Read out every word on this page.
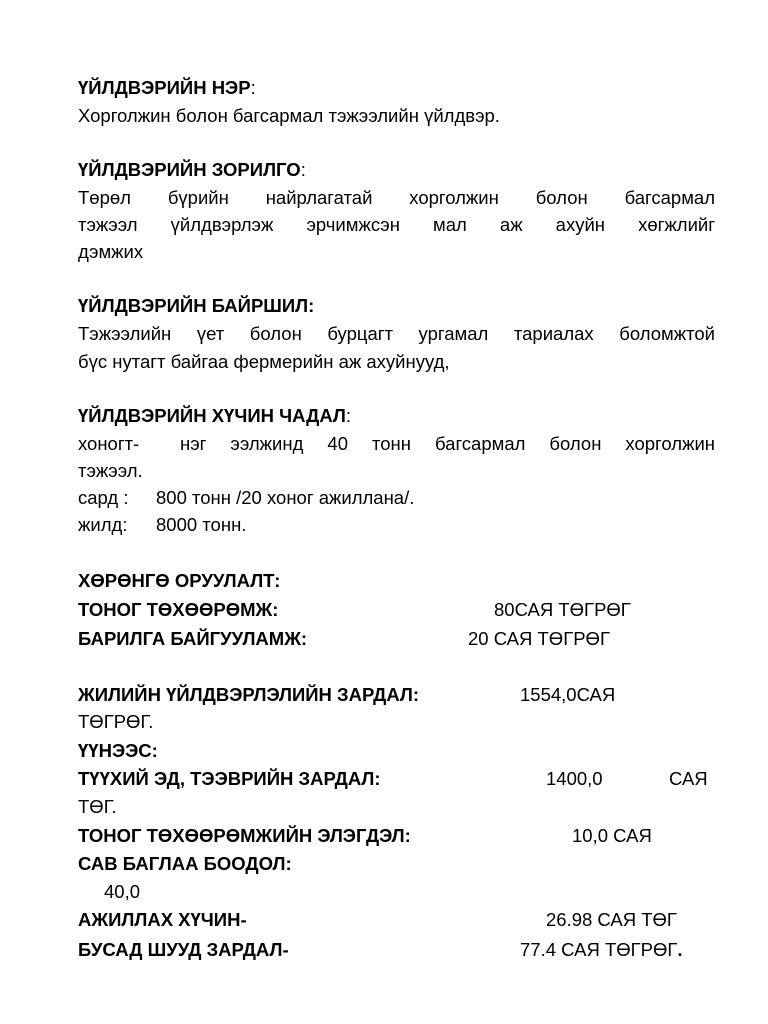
ҮЙЛДВЭРИЙН НЭР:
Хорголжин болон багсармал тэжээлийн үйлдвэр.
ҮЙЛДВЭРИЙН ЗОРИЛГО:
Төрөл бүрийн найрлагатай хорголжин болон багсармал
тэжээл үйлдвэрлэж эрчимжсэн мал аж ахуйн хөгжлийг
дэмжих
ҮЙЛДВЭРИЙН БАЙРШИЛ:
Тэжээлийн үет болон бурцагт ургамал тариалах боломжтой
бүс нутагт байгаа фермерийн аж ахуйнууд,
ҮЙЛДВЭРИЙН ХҮЧИН ЧАДАЛ:
хоногт- нэг ээлжинд 40 тонн багсармал болон хорголжин
тэжээл.
сард : 800 тонн /20 хоног ажиллана/.
жилд: 8000 тонн.
ХӨРӨНГӨ ОРУУЛАЛТ:
ТОНОГ ТӨХӨӨРӨМЖ:	80САЯ ТӨГРӨГ
БАРИЛГА БАЙГУУЛАМЖ:	20 САЯ ТӨГРӨГ
ЖИЛИЙН ҮЙЛДВЭРЛЭЛИЙН ЗАРДАЛ:	1554,0САЯ
ТӨГРӨГ.
ҮҮНЭЭС:
ТҮҮХИЙ ЭД, ТЭЭВРИЙН ЗАРДАЛ:	1400,0	САЯ
ТӨГ.
ТОНОГ ТӨХӨӨРӨМЖИЙН ЭЛЭГДЭЛ:	10,0 САЯ
САВ БАГЛАА БООДОЛ:
40,0
АЖИЛЛАХ ХҮЧИН-	26.98 САЯ ТӨГ
БУСАД ШУУД ЗАРДАЛ-	77.4 САЯ ТӨГРӨГ.
